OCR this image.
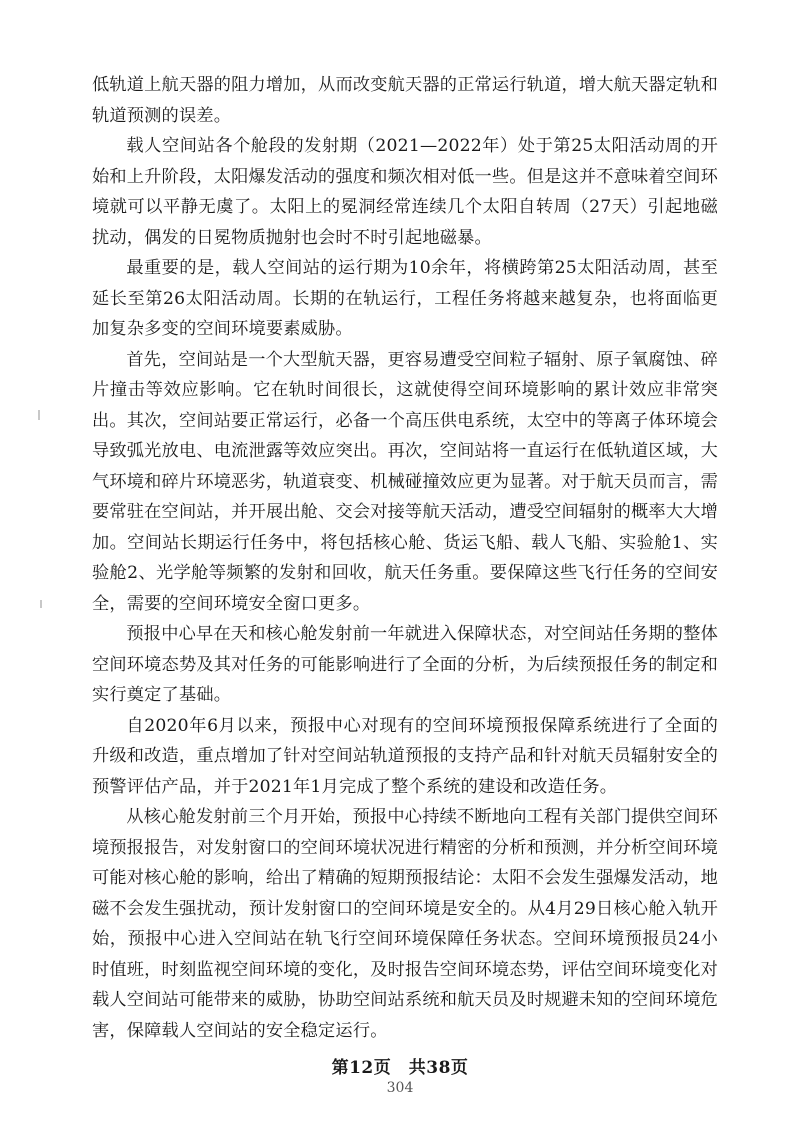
低轨道上航天器的阻力增加，从而改变航天器的正常运行轨道，增大航天器定轨和轨道预测的误差。

载人空间站各个舱段的发射期（2021—2022年）处于第25太阳活动周的开始和上升阶段，太阳爆发活动的强度和频次相对低一些。但是这并不意味着空间环境就可以平静无虞了。太阳上的冕洞经常连续几个太阳自转周（27天）引起地磁扰动，偶发的日冕物质抛射也会时不时引起地磁暴。

最重要的是，载人空间站的运行期为10余年，将横跨第25太阳活动周，甚至延长至第26太阳活动周。长期的在轨运行，工程任务将越来越复杂，也将面临更加复杂多变的空间环境要素威胁。

首先，空间站是一个大型航天器，更容易遭受空间粒子辐射、原子氧腐蚀、碎片撞击等效应影响。它在轨时间很长，这就使得空间环境影响的累计效应非常突出。其次，空间站要正常运行，必备一个高压供电系统，太空中的等离子体环境会导致弧光放电、电流泄露等效应突出。再次，空间站将一直运行在低轨道区域，大气环境和碎片环境恶劣，轨道衰变、机械碰撞效应更为显著。对于航天员而言，需要常驻在空间站，并开展出舱、交会对接等航天活动，遭受空间辐射的概率大大增加。空间站长期运行任务中，将包括核心舱、货运飞船、载人飞船、实验舱1、实验舱2、光学舱等频繁的发射和回收，航天任务重。要保障这些飞行任务的空间安全，需要的空间环境安全窗口更多。

预报中心早在天和核心舱发射前一年就进入保障状态，对空间站任务期的整体空间环境态势及其对任务的可能影响进行了全面的分析，为后续预报任务的制定和实行奠定了基础。

自2020年6月以来，预报中心对现有的空间环境预报保障系统进行了全面的升级和改造，重点增加了针对空间站轨道预报的支持产品和针对航天员辐射安全的预警评估产品，并于2021年1月完成了整个系统的建设和改造任务。

从核心舱发射前三个月开始，预报中心持续不断地向工程有关部门提供空间环境预报报告，对发射窗口的空间环境状况进行精密的分析和预测，并分析空间环境可能对核心舱的影响，给出了精确的短期预报结论：太阳不会发生强爆发活动，地磁不会发生强扰动，预计发射窗口的空间环境是安全的。从4月29日核心舱入轨开始，预报中心进入空间站在轨飞行空间环境保障任务状态。空间环境预报员24小时值班，时刻监视空间环境的变化，及时报告空间环境态势，评估空间环境变化对载人空间站可能带来的威胁，协助空间站系统和航天员及时规避未知的空间环境危害，保障载人空间站的安全稳定运行。

第12页　共38页
304
